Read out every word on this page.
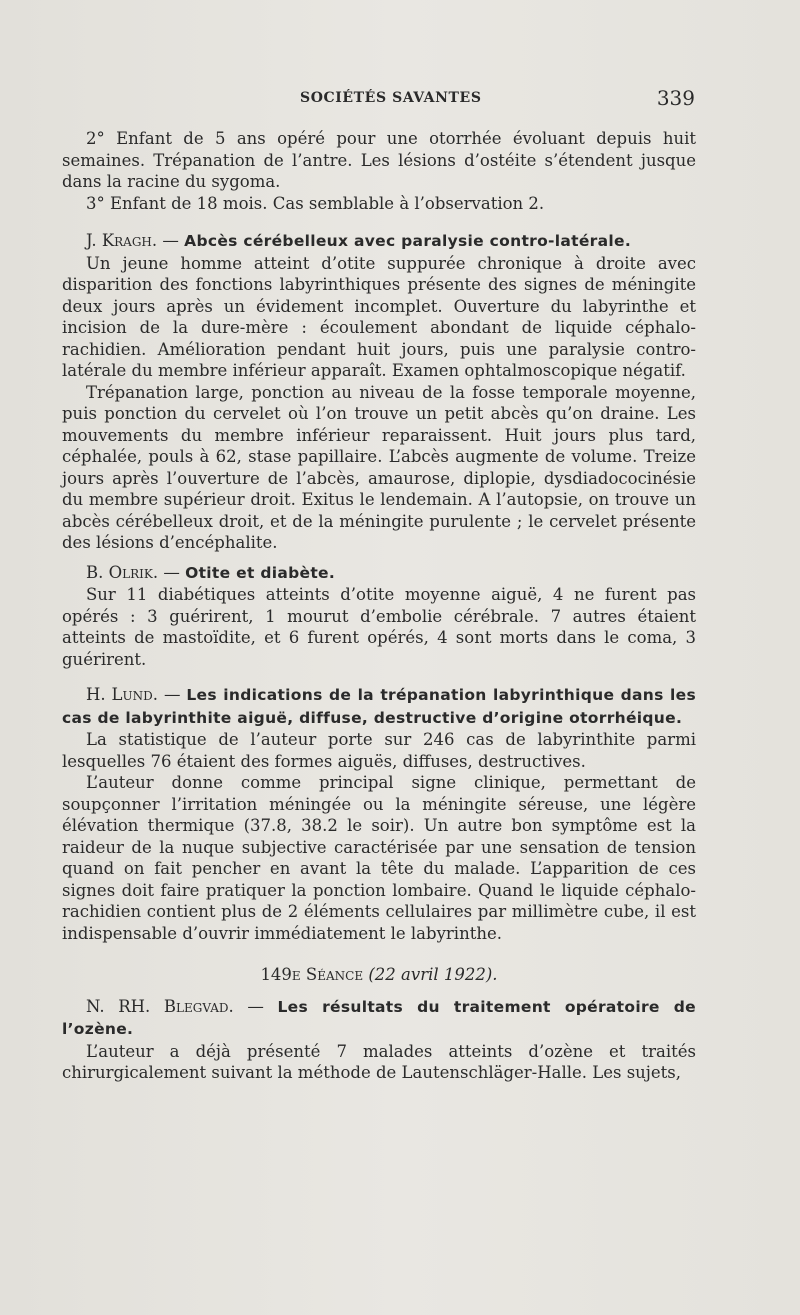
SOCIÉTÉS SAVANTES	339

2° Enfant de 5 ans opéré pour une otorrhée évoluant depuis huit semaines. Trépanation de l’antre. Les lésions d’ostéite s’étendent jusque dans la racine du sygoma.

3° Enfant de 18 mois. Cas semblable à l’observation 2.

J. Kragh. — Abcès cérébelleux avec paralysie contro-latérale.

Un jeune homme atteint d’otite suppurée chronique à droite avec disparition des fonctions labyrinthiques présente des signes de méningite deux jours après un évidement incomplet. Ouverture du labyrinthe et incision de la dure-mère : écoulement abondant de liquide céphalo-rachidien. Amélioration pendant huit jours, puis une paralysie contro-latérale du membre inférieur apparaît. Examen ophtalmoscopique négatif.

Trépanation large, ponction au niveau de la fosse temporale moyenne, puis ponction du cervelet où l’on trouve un petit abcès qu’on draine. Les mouvements du membre inférieur reparaissent. Huit jours plus tard, céphalée, pouls à 62, stase papillaire. L’abcès augmente de volume. Treize jours après l’ouverture de l’abcès, amaurose, diplopie, dysdiadococinésie du membre supérieur droit. Exitus le lendemain. A l’autopsie, on trouve un abcès cérébelleux droit, et de la méningite purulente ; le cervelet présente des lésions d’encéphalite.

B. Olrik. — Otite et diabète.

Sur 11 diabétiques atteints d’otite moyenne aiguë, 4 ne furent pas opérés : 3 guérirent, 1 mourut d’embolie cérébrale. 7 autres étaient atteints de mastoïdite, et 6 furent opérés, 4 sont morts dans le coma, 3 guérirent.

H. Lund. — Les indications de la trépanation labyrinthique dans les cas de labyrinthite aiguë, diffuse, destructive d’origine otorrhéique.

La statistique de l’auteur porte sur 246 cas de labyrinthite parmi lesquelles 76 étaient des formes aiguës, diffuses, destructives.

L’auteur donne comme principal signe clinique, permettant de soupçonner l’irritation méningée ou la méningite séreuse, une légère élévation thermique (37.8, 38.2 le soir). Un autre bon symptôme est la raideur de la nuque subjective caractérisée par une sensation de tension quand on fait pencher en avant la tête du malade. L’apparition de ces signes doit faire pratiquer la ponction lombaire. Quand le liquide céphalo-rachidien contient plus de 2 éléments cellulaires par millimètre cube, il est indispensable d’ouvrir immédiatement le labyrinthe.

149e Séance (22 avril 1922).

N. RH. Blegvad. — Les résultats du traitement opératoire de l’ozène.

L’auteur a déjà présenté 7 malades atteints d’ozène et traités chirurgicalement suivant la méthode de Lautenschläger-Halle. Les sujets,
